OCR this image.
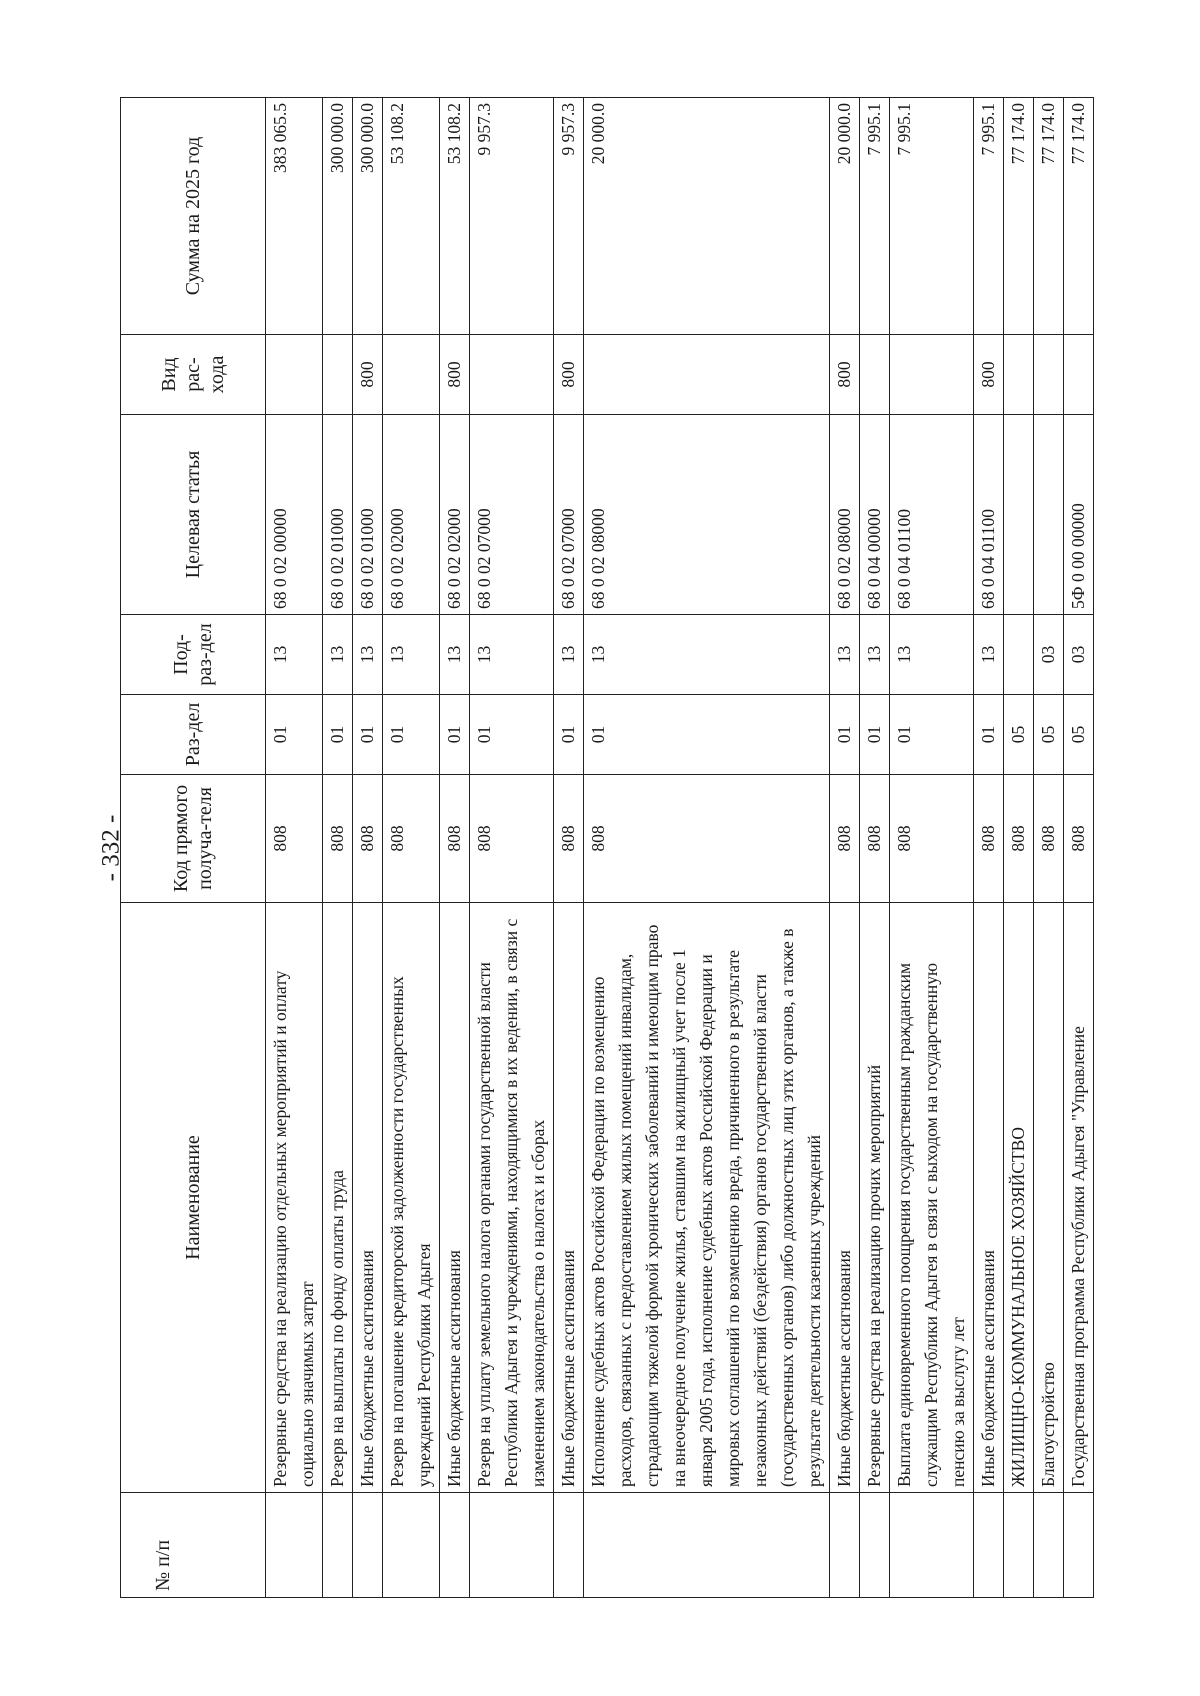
- 332 -
№ п/п	Наименование	Код прямого получа-теля	Раз-дел	Под-раз-дел	Целевая статья	Вид рас-хода	Сумма на 2025 год
	Резервные средства на реализацию отдельных мероприятий и оплату социально значимых затрат	808	01	13	68 0 02 00000		383 065.5
	Резерв на выплаты по фонду оплаты труда	808	01	13	68 0 02 01000		300 000.0
	Иные бюджетные ассигнования	808	01	13	68 0 02 01000	800	300 000.0
	Резерв на погашение кредиторской задолженности государственных учреждений Республики Адыгея	808	01	13	68 0 02 02000		53 108.2
	Иные бюджетные ассигнования	808	01	13	68 0 02 02000	800	53 108.2
	Резерв на уплату земельного налога органами государственной власти Республики Адыгея и учреждениями, находящимися в их ведении, в связи с изменением законодательства о налогах и сборах	808	01	13	68 0 02 07000		9 957.3
	Иные бюджетные ассигнования	808	01	13	68 0 02 07000	800	9 957.3
	Исполнение судебных актов Российской Федерации по возмещению расходов, связанных с предоставлением жилых помещений инвалидам, страдающим тяжелой формой хронических заболеваний и имеющим право на внеочередное получение жилья, ставшим на жилищный учет после 1 января 2005 года, исполнение судебных актов Российской Федерации и мировых соглашений по возмещению вреда, причиненного в результате незаконных действий (бездействия) органов государственной власти (государственных органов) либо должностных лиц этих органов, а также в результате деятельности казенных учреждений	808	01	13	68 0 02 08000		20 000.0
	Иные бюджетные ассигнования	808	01	13	68 0 02 08000	800	20 000.0
	Резервные средства на реализацию прочих мероприятий	808	01	13	68 0 04 00000		7 995.1
	Выплата единовременного поощрения государственным гражданским служащим Республики Адыгея в связи с выходом на государственную пенсию за выслугу лет	808	01	13	68 0 04 01100		7 995.1
	Иные бюджетные ассигнования	808	01	13	68 0 04 01100	800	7 995.1
	ЖИЛИЩНО-КОММУНАЛЬНОЕ ХОЗЯЙСТВО	808	05				77 174.0
	Благоустройство	808	05	03			77 174.0
	Государственная программа Республики Адыгея "Управление	808	05	03	5Ф 0 00 00000		77 174.0
